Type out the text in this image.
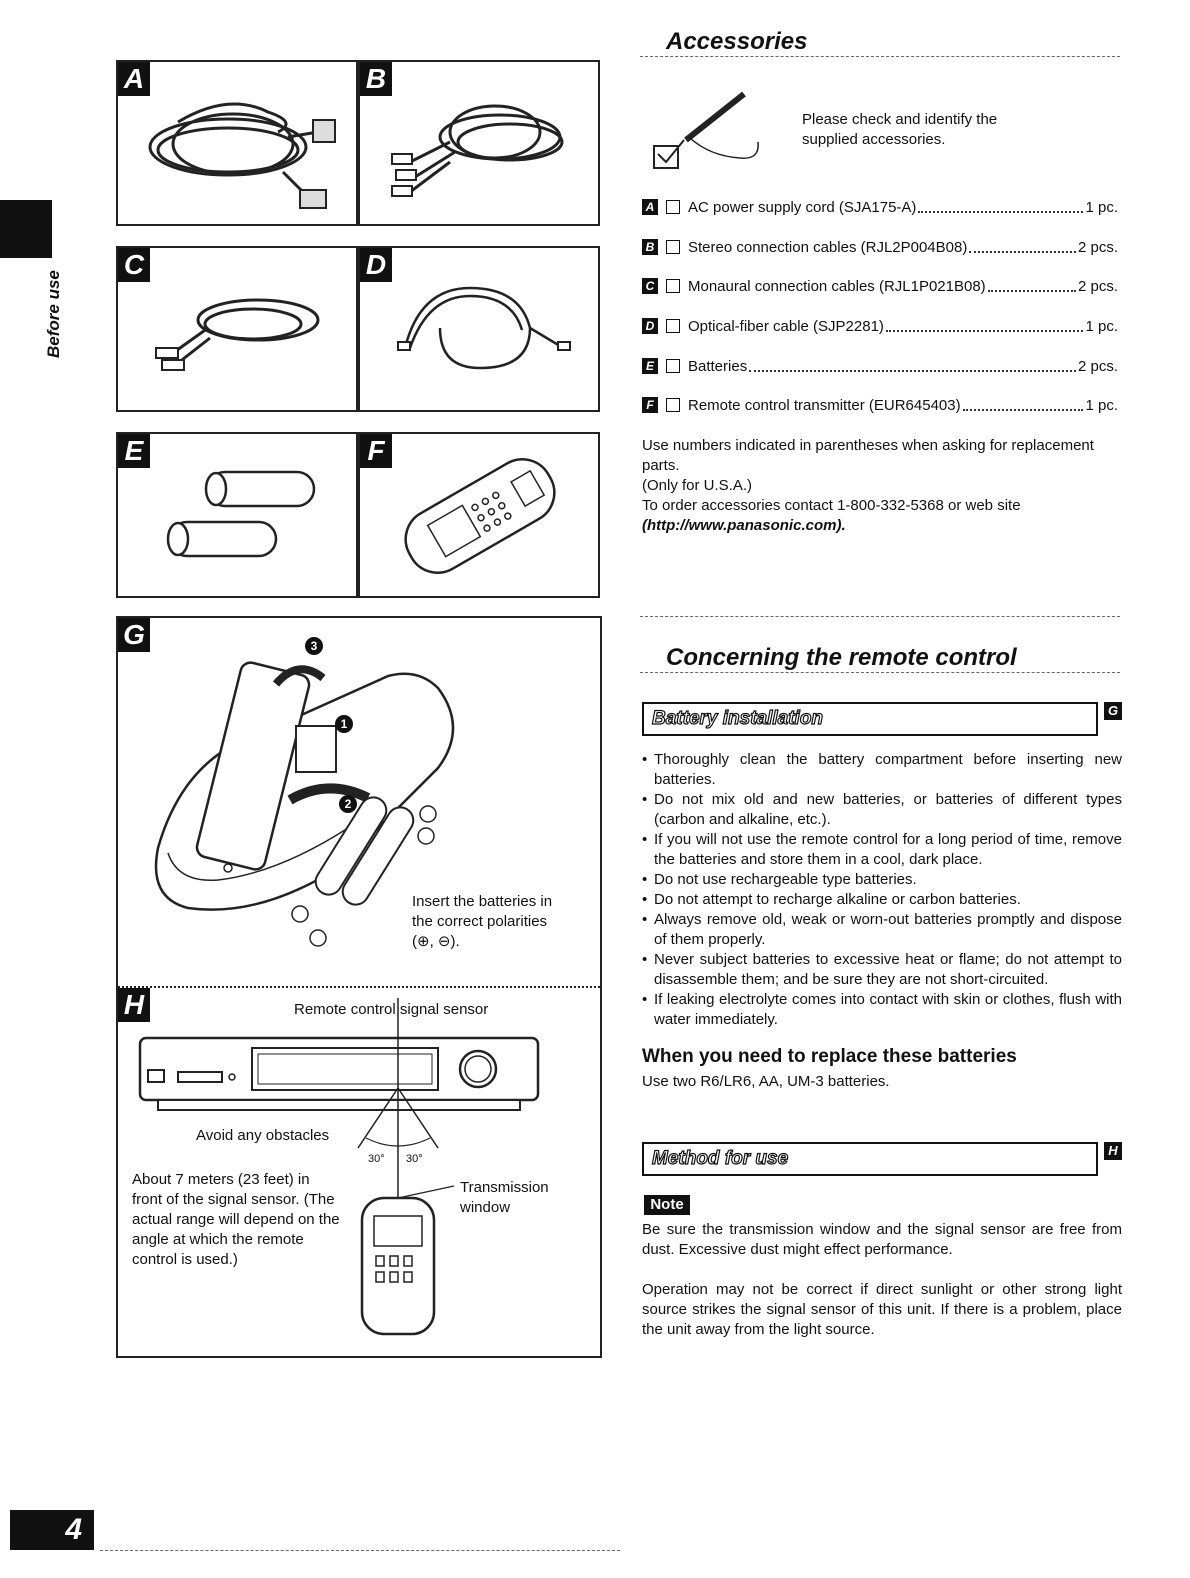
Before use
A	B
C	D
E	F
G	3
1
2
Insert the batteries in
the correct polarities
(⊕, ⊖).
H	Remote control signal sensor
Avoid any obstacles
30° 30°
Transmission
window
About 7 meters (23 feet) in
front of the signal sensor. (The
actual range will depend on the
angle at which the remote
control is used.)
Accessories
Please check and identify the supplied accessories.
A AC power supply cord (SJA175-A)	1 pc.
B Stereo connection cables (RJL2P004B08)	2 pcs.
C Monaural connection cables (RJL1P021B08)	2 pcs.
D Optical-fiber cable (SJP2281)	1 pc.
E Batteries	2 pcs.
F Remote control transmitter (EUR645403)	1 pc.
Use numbers indicated in parentheses when asking for replacement parts.
(Only for U.S.A.)
To order accessories contact 1-800-332-5368 or web site
(http://www.panasonic.com).
Concerning the remote control
Battery installation	G
• Thoroughly clean the battery compartment before inserting new batteries.
• Do not mix old and new batteries, or batteries of different types (carbon and alkaline, etc.).
• If you will not use the remote control for a long period of time, remove the batteries and store them in a cool, dark place.
• Do not use rechargeable type batteries.
• Do not attempt to recharge alkaline or carbon batteries.
• Always remove old, weak or worn-out batteries promptly and dispose of them properly.
• Never subject batteries to excessive heat or flame; do not attempt to disassemble them; and be sure they are not short-circuited.
• If leaking electrolyte comes into contact with skin or clothes, flush with water immediately.
When you need to replace these batteries
Use two R6/LR6, AA, UM-3 batteries.
Method for use	H
Note
Be sure the transmission window and the signal sensor are free from dust. Excessive dust might effect performance.
Operation may not be correct if direct sunlight or other strong light source strikes the signal sensor of this unit. If there is a problem, place the unit away from the light source.
4
